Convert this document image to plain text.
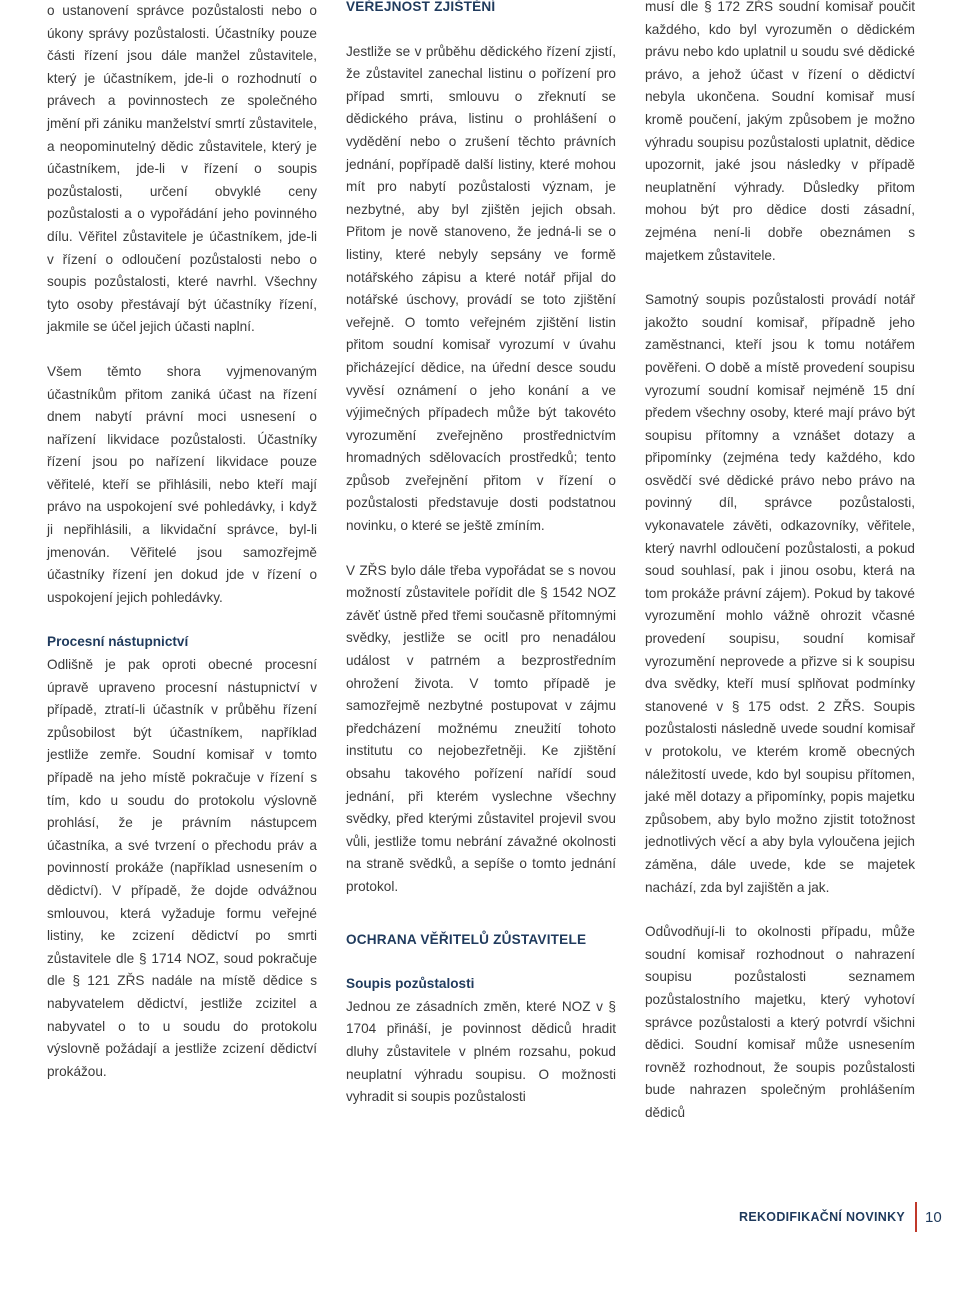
o ustanovení správce pozůstalosti nebo o úkony správy pozůstalosti. Účastníky pouze části řízení jsou dále manžel zůstavitele, který je účastníkem, jde-li o rozhodnutí o právech a povinnostech ze společného jmění při zániku manželství smrtí zůstavitele, a neopominutelný dědic zůstavitele, který je účastníkem, jde-li v řízení o soupis pozůstalosti, určení obvyklé ceny pozůstalosti a o vypořádání jeho povinného dílu. Věřitel zůstavitele je účastníkem, jde-li v řízení o odloučení pozůstalosti nebo o soupis pozůstalosti, které navrhl. Všechny tyto osoby přestávají být účastníky řízení, jakmile se účel jejich účasti naplní.

Všem těmto shora vyjmenovaným účastníkům přitom zaniká účast na řízení dnem nabytí právní moci usnesení o nařízení likvidace pozůstalosti. Účastníky řízení jsou po nařízení likvidace pouze věřitelé, kteří se přihlásili, nebo kteří mají právo na uspokojení své pohledávky, i když ji nepřihlásili, a likvidační správce, byl-li jmenován. Věřitelé jsou samozřejmě účastníky řízení jen dokud jde v řízení o uspokojení jejich pohledávky.

Procesní nástupnictví

Odlišně je pak oproti obecné procesní úpravě upraveno procesní nástupnictví v případě, ztratí-li účastník v průběhu řízení způsobilost být účastníkem, například jestliže zemře. Soudní komisař v tomto případě na jeho místě pokračuje v řízení s tím, kdo u soudu do protokolu výslovně prohlásí, že je právním nástupcem účastníka, a své tvrzení o přechodu práv a povinností prokáže (například usnesením o dědictví). V případě, že dojde odvážnou smlouvou, která vyžaduje formu veřejné listiny, ke zcizení dědictví po smrti zůstavitele dle § 1714 NOZ, soud pokračuje dle § 121 ZŘS nadále na místě dědice s nabyvatelem dědictví, jestliže zcizitel a nabyvatel o to u soudu do protokolu výslovně požádají a jestliže zcizení dědictví prokážou.

VEŘEJNOST ZJIŠTĚNÍ

Jestliže se v průběhu dědického řízení zjistí, že zůstavitel zanechal listinu o pořízení pro případ smrti, smlouvu o zřeknutí se dědického práva, listinu o prohlášení o vydědění nebo o zrušení těchto právních jednání, popřípadě další listiny, které mohou mít pro nabytí pozůstalosti význam, je nezbytné, aby byl zjištěn jejich obsah. Přitom je nově stanoveno, že jedná-li se o listiny, které nebyly sepsány ve formě notářského zápisu a které notář přijal do notářské úschovy, provádí se toto zjištění veřejně. O tomto veřejném zjištění listin přitom soudní komisař vyrozumí v úvahu přicházející dědice, na úřední desce soudu vyvěsí oznámení o jeho konání a ve výjimečných případech může být takovéto vyrozumění zveřejněno prostřednictvím hromadných sdělovacích prostředků; tento způsob zveřejnění přitom v řízení o pozůstalosti představuje dosti podstatnou novinku, o které se ještě zmíním.

V ZŘS bylo dále třeba vypořádat se s novou možností zůstavitele pořídit dle § 1542 NOZ závěť ústně před třemi současně přítomnými svědky, jestliže se ocitl pro nenadálou událost v patrném a bezprostředním ohrožení života. V tomto případě je samozřejmě nezbytné postupovat v zájmu předcházení možnému zneužití tohoto institutu co nejobezřetněji. Ke zjištění obsahu takového pořízení nařídí soud jednání, při kterém vyslechne všechny svědky, před kterými zůstavitel projevil svou vůli, jestliže tomu nebrání závažné okolnosti na straně svědků, a sepíše o tomto jednání protokol.

OCHRANA VĚŘITELŮ ZŮSTAVITELE
Soupis pozůstalosti

Jednou ze zásadních změn, které NOZ v § 1704 přináší, je povinnost dědiců hradit dluhy zůstavitele v plném rozsahu, pokud neuplatní výhradu soupisu. O možnosti vyhradit si soupis pozůstalosti

musí dle § 172 ZŘS soudní komisař poučit každého, kdo byl vyrozuměn o dědickém právu nebo kdo uplatnil u soudu své dědické právo, a jehož účast v řízení o dědictví nebyla ukončena. Soudní komisař musí kromě poučení, jakým způsobem je možno výhradu soupisu pozůstalosti uplatnit, dědice upozornit, jaké jsou následky v případě neuplatnění výhrady. Důsledky přitom mohou být pro dědice dosti zásadní, zejména není-li dobře obeznámen s majetkem zůstavitele.

Samotný soupis pozůstalosti provádí notář jakožto soudní komisař, případně jeho zaměstnanci, kteří jsou k tomu notářem pověřeni. O době a místě provedení soupisu vyrozumí soudní komisař nejméně 15 dní předem všechny osoby, které mají právo být soupisu přítomny a vznášet dotazy a připomínky (zejména tedy každého, kdo osvědčí své dědické právo nebo právo na povinný díl, správce pozůstalosti, vykonavatele závěti, odkazovníky, věřitele, který navrhl odloučení pozůstalosti, a pokud soud souhlasí, pak i jinou osobu, která na tom prokáže právní zájem). Pokud by takové vyrozumění mohlo vážně ohrozit včasné provedení soupisu, soudní komisař vyrozumění neprovede a přizve si k soupisu dva svědky, kteří musí splňovat podmínky stanovené v § 175 odst. 2 ZŘS. Soupis pozůstalosti následně uvede soudní komisař v protokolu, ve kterém kromě obecných náležitostí uvede, kdo byl soupisu přítomen, jaké měl dotazy a připomínky, popis majetku způsobem, aby bylo možno zjistit totožnost jednotlivých věcí a aby byla vyloučena jejich záměna, dále uvede, kde se majetek nachází, zda byl zajištěn a jak.

Odůvodňují-li to okolnosti případu, může soudní komisař rozhodnout o nahrazení soupisu pozůstalosti seznamem pozůstalostního majetku, který vyhotoví správce pozůstalosti a který potvrdí všichni dědici. Soudní komisař může usnesením rovněž rozhodnout, že soupis pozůstalosti bude nahrazen společným prohlášením dědiců

REKODIFIKAČNÍ NOVINKY 10
